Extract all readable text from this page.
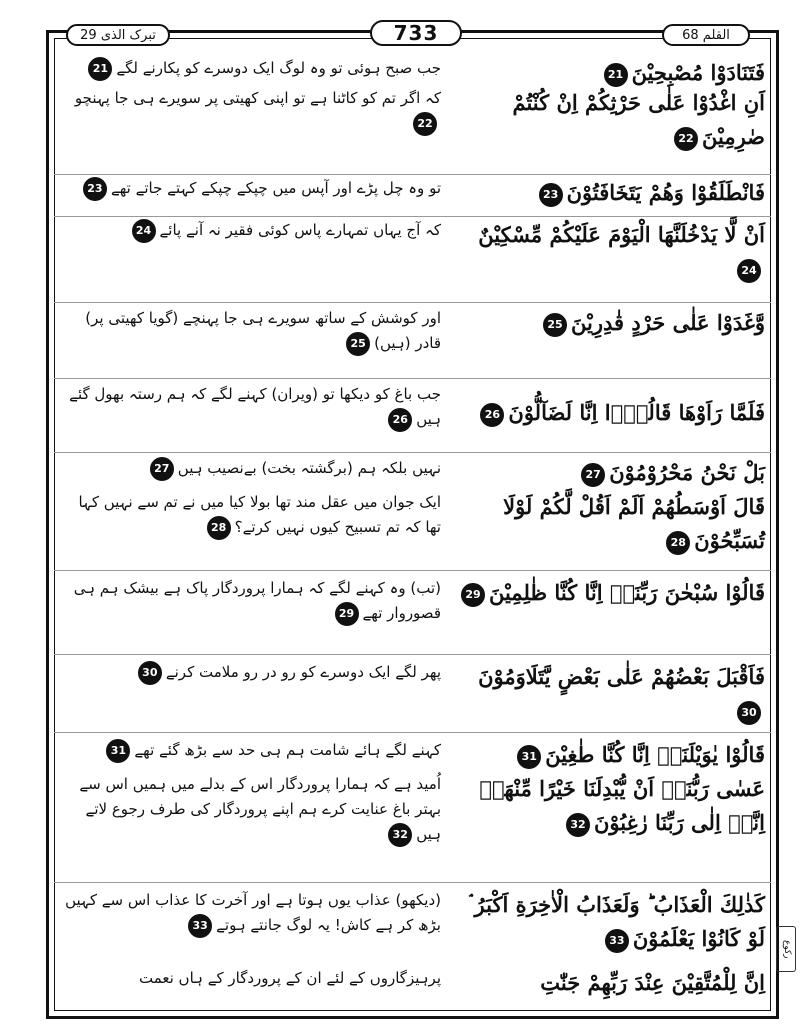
القلم 68
733
تبرک الذی 29
فَتَنَادَوْا مُصْبِحِيْنَ21
جب صبح ہوئی تو وہ لوگ ایک دوسرے کو پکارنے لگے21
اَنِ اغْدُوْا عَلٰى حَرْثِكُمْ اِنْ كُنْتُمْ صٰرِمِيْنَ22
کہ اگر تم کو کاٹنا ہے تو اپنی کھیتی پر سویرے ہی جا پہنچو22
فَانْطَلَقُوْا وَهُمْ يَتَخَافَتُوْنَ23
تو وہ چل پڑے اور آپس میں چپکے چپکے کہتے جاتے تھے23
اَنْ لَّا يَدْخُلَنَّهَا الْيَوْمَ عَلَيْكُمْ مِّسْكِيْنٌ24
کہ آج یہاں تمہارے پاس کوئی فقیر نہ آنے پائے24
وَّغَدَوْا عَلٰى حَرْدٍ قٰدِرِيْنَ25
اور کوشش کے ساتھ سویرے ہی جا پہنچے (گویا کھیتی پر) قادر (ہیں)25
فَلَمَّا رَاَوْهَا قَالُوْۤا اِنَّا لَضَآلُّوْنَ26
جب باغ کو دیکھا تو (ویران) کہنے لگے کہ ہم رستہ بھول گئے ہیں26
بَلْ نَحْنُ مَحْرُوْمُوْنَ27
نہیں بلکہ ہم (برگشتہ بخت) بےنصیب ہیں27
قَالَ اَوْسَطُهُمْ اَلَمْ اَقُلْ لَّكُمْ لَوْلَا تُسَبِّحُوْنَ28
ایک جوان میں عقل مند تھا بولا کیا میں نے تم سے نہیں کہا تھا کہ تم تسبیح کیوں نہیں کرتے؟28
قَالُوْا سُبْحٰنَ رَبِّنَاۤ اِنَّا كُنَّا ظٰلِمِيْنَ29
(تب) وہ کہنے لگے کہ ہمارا پروردگار پاک ہے بیشک ہم ہی قصوروار تھے29
فَاَقْبَلَ بَعْضُهُمْ عَلٰى بَعْضٍ يَّتَلَاوَمُوْنَ30
پھر لگے ایک دوسرے کو رو در رو ملامت کرنے30
قَالُوْا يٰوَيْلَنَاۤ اِنَّا كُنَّا طٰغِيْنَ31
کہنے لگے ہائے شامت ہم ہی حد سے بڑھ گئے تھے31
عَسٰى رَبُّنَاۤ اَنْ يُّبْدِلَنَا خَيْرًا مِّنْهَاۤ اِنَّاۤ اِلٰى رَبِّنَا رٰغِبُوْنَ32
اُمید ہے کہ ہمارا پروردگار اس کے بدلے میں ہمیں اس سے بہتر باغ عنایت کرے ہم اپنے پروردگار کی طرف رجوع لاتے ہیں32
كَذٰلِكَ الْعَذَابُ ؕ وَلَعَذَابُ الْاٰخِرَةِ اَكْبَرُ ۘ لَوْ كَانُوْا يَعْلَمُوْنَ33
(دیکھو) عذاب یوں ہوتا ہے اور آخرت کا عذاب اس سے کہیں بڑھ کر ہے کاش! یہ لوگ جانتے ہوتے33
اِنَّ لِلْمُتَّقِيْنَ عِنْدَ رَبِّهِمْ جَنّٰتِ
پرہیزگاروں کے لئے ان کے پروردگار کے ہاں نعمت
ركوع
